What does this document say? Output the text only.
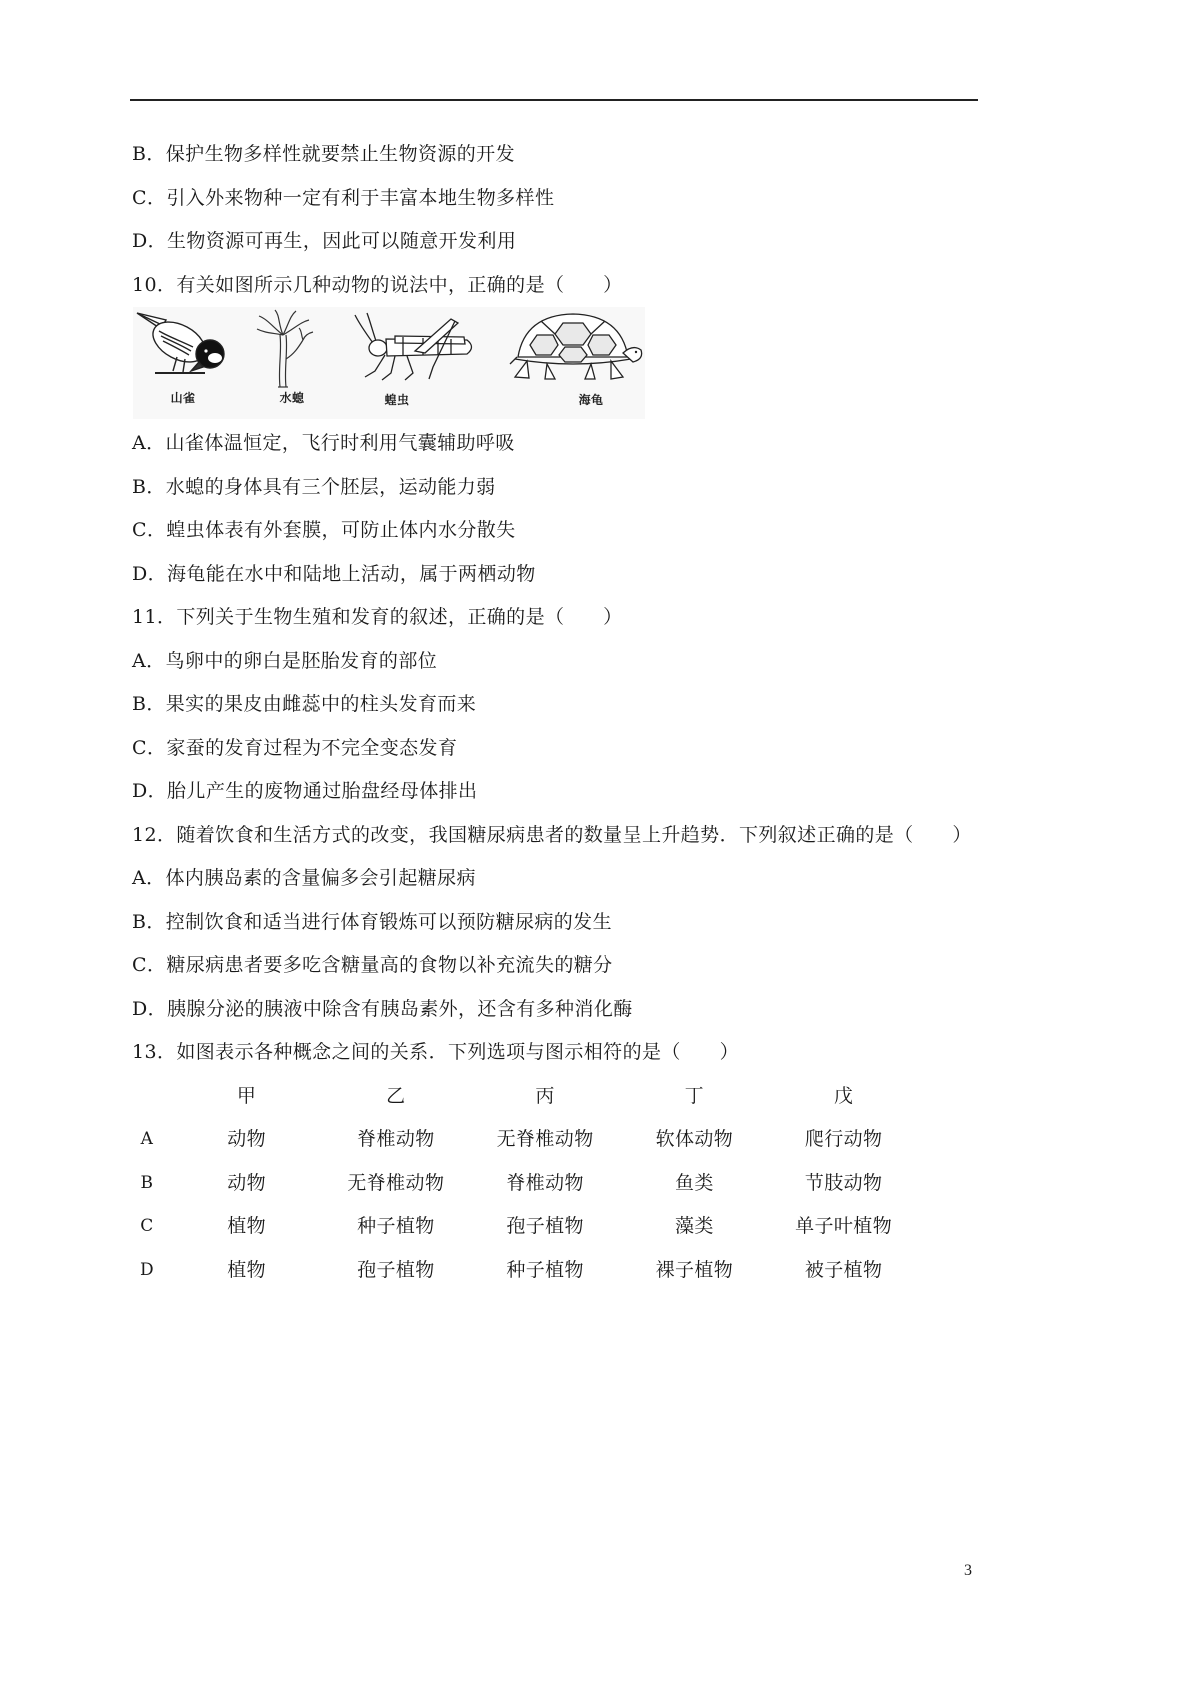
B．保护生物多样性就要禁止生物资源的开发
C．引入外来物种一定有利于丰富本地生物多样性
D．生物资源可再生，因此可以随意开发利用
10．有关如图所示几种动物的说法中，正确的是（　　）
山雀	水螅	蝗虫	海龟
A．山雀体温恒定，飞行时利用气囊辅助呼吸
B．水螅的身体具有三个胚层，运动能力弱
C．蝗虫体表有外套膜，可防止体内水分散失
D．海龟能在水中和陆地上活动，属于两栖动物
11．下列关于生物生殖和发育的叙述，正确的是（　　）
A．鸟卵中的卵白是胚胎发育的部位
B．果实的果皮由雌蕊中的柱头发育而来
C．家蚕的发育过程为不完全变态发育
D．胎儿产生的废物通过胎盘经母体排出
12．随着饮食和生活方式的改变，我国糖尿病患者的数量呈上升趋势．下列叙述正确的是（　　）
A．体内胰岛素的含量偏多会引起糖尿病
B．控制饮食和适当进行体育锻炼可以预防糖尿病的发生
C．糖尿病患者要多吃含糖量高的食物以补充流失的糖分
D．胰腺分泌的胰液中除含有胰岛素外，还含有多种消化酶
13．如图表示各种概念之间的关系．下列选项与图示相符的是（　　）
	甲	乙	丙	丁	戊
A	动物	脊椎动物	无脊椎动物	软体动物	爬行动物
B	动物	无脊椎动物	脊椎动物	鱼类	节肢动物
C	植物	种子植物	孢子植物	藻类	单子叶植物
D	植物	孢子植物	种子植物	裸子植物	被子植物
3
